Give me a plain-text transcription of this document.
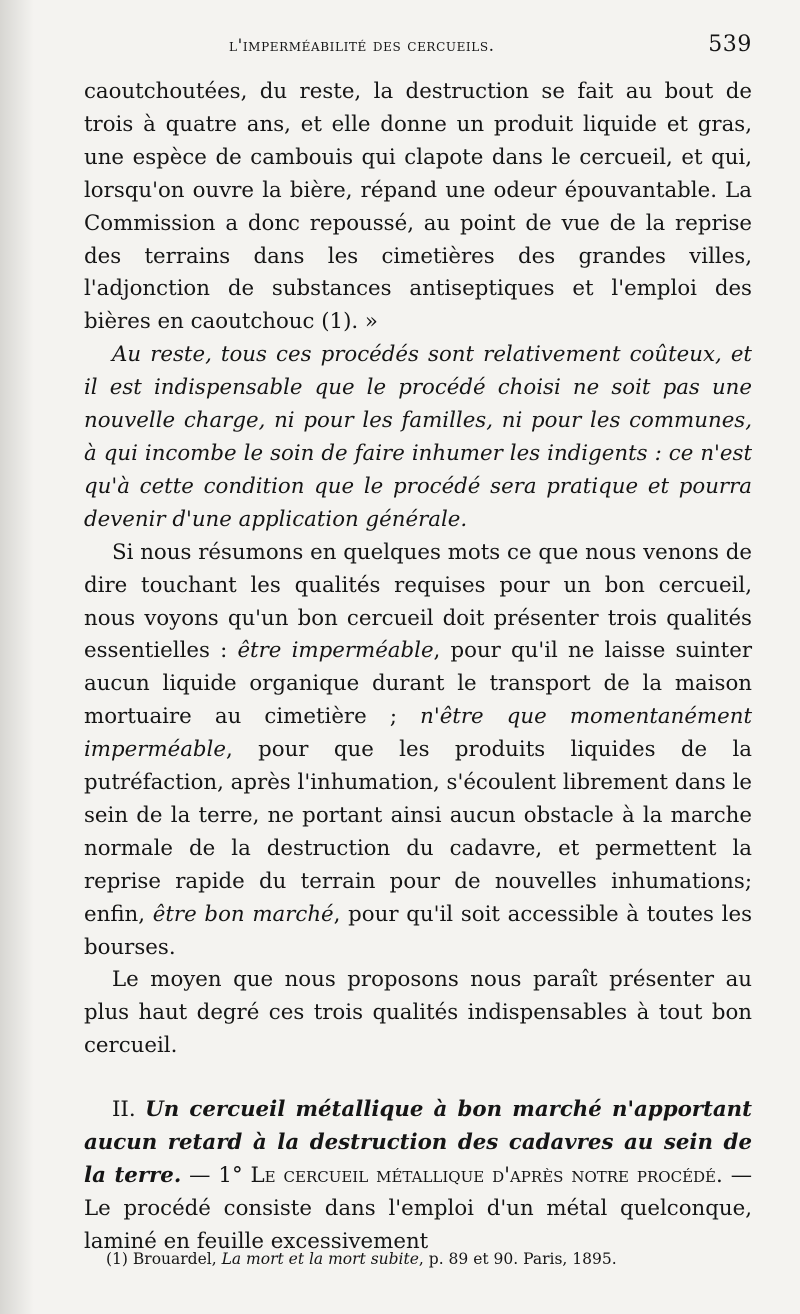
l'imperméabilité des cercueils.	539

caoutchoutées, du reste, la destruction se fait au bout de trois à quatre ans, et elle donne un produit liquide et gras, une espèce de cambouis qui clapote dans le cercueil, et qui, lorsqu'on ouvre la bière, répand une odeur épouvantable. La Commission a donc repoussé, au point de vue de la reprise des terrains dans les cimetières des grandes villes, l'adjonction de substances antiseptiques et l'emploi des bières en caoutchouc (1). »

Au reste, tous ces procédés sont relativement coûteux, et il est indispensable que le procédé choisi ne soit pas une nouvelle charge, ni pour les familles, ni pour les communes, à qui incombe le soin de faire inhumer les indigents : ce n'est qu'à cette condition que le procédé sera pratique et pourra devenir d'une application générale.

Si nous résumons en quelques mots ce que nous venons de dire touchant les qualités requises pour un bon cercueil, nous voyons qu'un bon cercueil doit présenter trois qualités essentielles : être imperméable, pour qu'il ne laisse suinter aucun liquide organique durant le transport de la maison mortuaire au cimetière ; n'être que momentanément imperméable, pour que les produits liquides de la putréfaction, après l'inhumation, s'écoulent librement dans le sein de la terre, ne portant ainsi aucun obstacle à la marche normale de la destruction du cadavre, et permettent la reprise rapide du terrain pour de nouvelles inhumations; enfin, être bon marché, pour qu'il soit accessible à toutes les bourses.

Le moyen que nous proposons nous paraît présenter au plus haut degré ces trois qualités indispensables à tout bon cercueil.

II. Un cercueil métallique à bon marché n'apportant aucun retard à la destruction des cadavres au sein de la terre. — 1° Le cercueil métallique d'après notre procédé. — Le procédé consiste dans l'emploi d'un métal quelconque, laminé en feuille excessivement

(1) Brouardel, La mort et la mort subite, p. 89 et 90. Paris, 1895.
